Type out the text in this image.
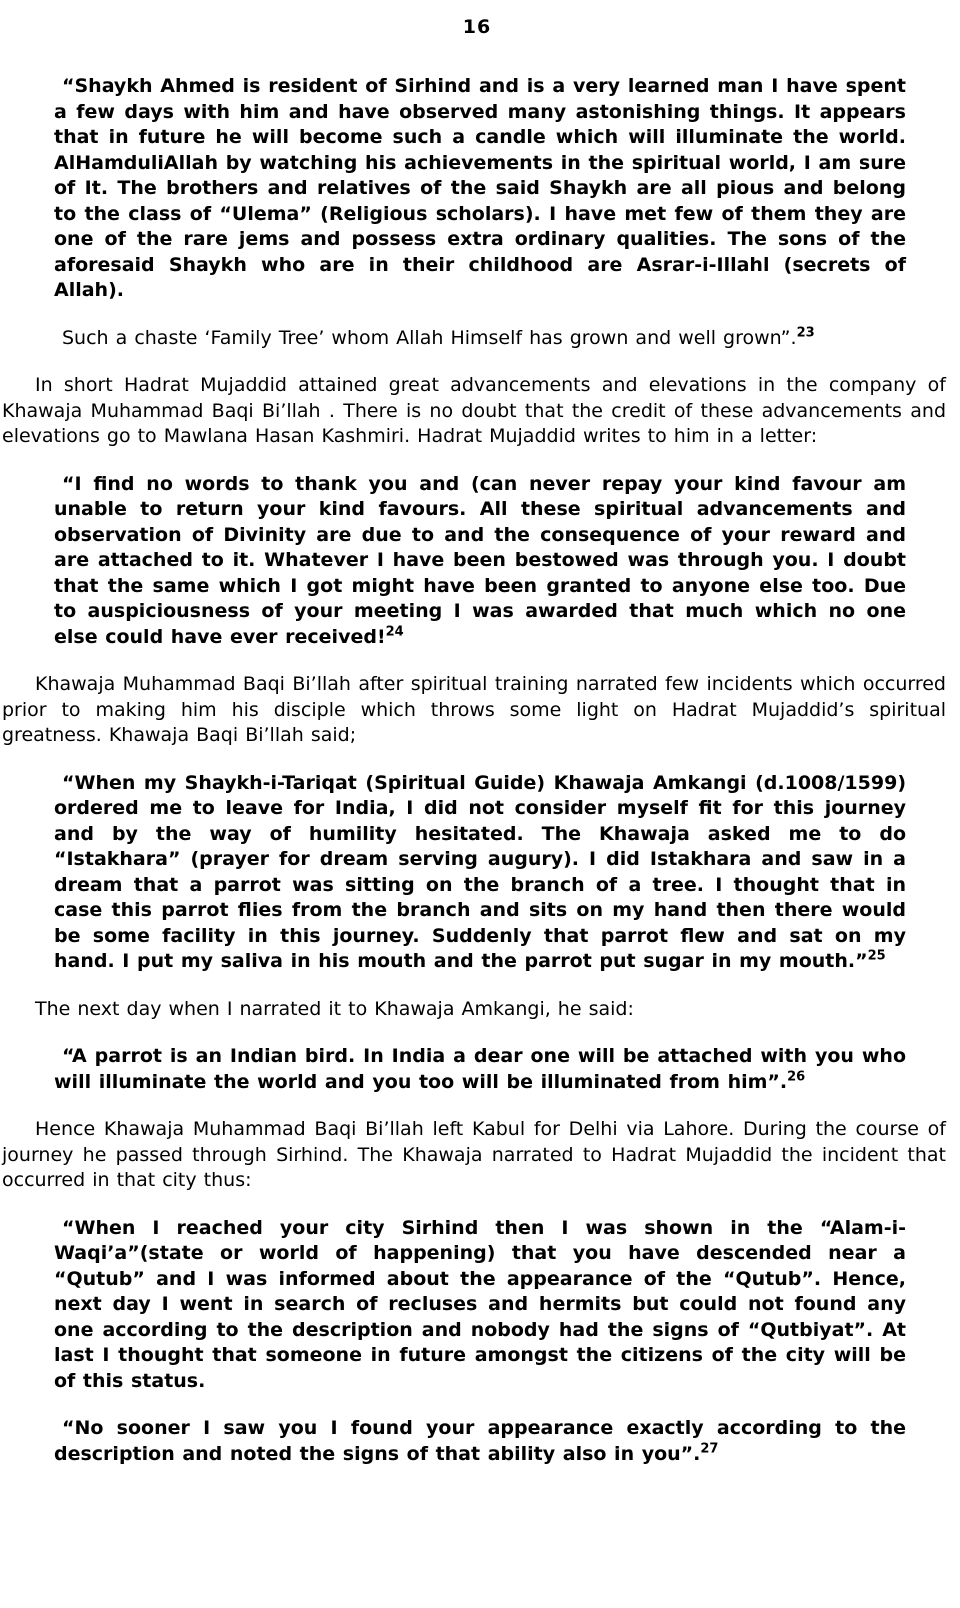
16

“Shaykh Ahmed is resident of Sirhind and is a very learned man I have spent a few days with him and have observed many astonishing things. It appears that in future he will become such a candle which will illuminate the world. AlHamduliAllah by watching his achievements in the spiritual world, I am sure of It. The brothers and relatives of the said Shaykh are all pious and belong to the class of “Ulema” (Religious scholars). I have met few of them they are one of the rare jems and possess extra ordinary qualities. The sons of the aforesaid Shaykh who are in their childhood are Asrar-i-Illahl (secrets of Allah).

Such a chaste ‘Family Tree’ whom Allah Himself has grown and well grown”.$^{23}$

In short Hadrat Mujaddid attained great advancements and elevations in the company of Khawaja Muhammad Baqi Bi’llah . There is no doubt that the credit of these advancements and elevations go to Mawlana Hasan Kashmiri. Hadrat Mujaddid writes to him in a letter:

“I find no words to thank you and (can never repay your kind favour am unable to return your kind favours. All these spiritual advancements and observation of Divinity are due to and the consequence of your reward and are attached to it. Whatever I have been bestowed was through you. I doubt that the same which I got might have been granted to anyone else too. Due to auspiciousness of your meeting I was awarded that much which no one else could have ever received!$^{24}$

Khawaja Muhammad Baqi Bi’llah after spiritual training narrated few incidents which occurred prior to making him his disciple which throws some light on Hadrat Mujaddid’s spiritual greatness. Khawaja Baqi Bi’llah said;

“When my Shaykh-i-Tariqat (Spiritual Guide) Khawaja Amkangi (d.1008/1599) ordered me to leave for India, I did not consider myself fit for this journey and by the way of humility hesitated. The Khawaja asked me to do “Istakhara” (prayer for dream serving augury). I did Istakhara and saw in a dream that a parrot was sitting on the branch of a tree. I thought that in case this parrot flies from the branch and sits on my hand then there would be some facility in this journey. Suddenly that parrot flew and sat on my hand. I put my saliva in his mouth and the parrot put sugar in my mouth.”$^{25}$

The next day when I narrated it to Khawaja Amkangi, he said:

“A parrot is an Indian bird. In India a dear one will be attached with you who will illuminate the world and you too will be illuminated from him”.$^{26}$

Hence Khawaja Muhammad Baqi Bi’llah left Kabul for Delhi via Lahore. During the course of journey he passed through Sirhind. The Khawaja narrated to Hadrat Mujaddid the incident that occurred in that city thus:

“When I reached your city Sirhind then I was shown in the “Alam-i-Waqi’a”(state or world of happening) that you have descended near a “Qutub” and I was informed about the appearance of the “Qutub”. Hence, next day I went in search of recluses and hermits but could not found any one according to the description and nobody had the signs of “Qutbiyat”. At last I thought that someone in future amongst the citizens of the city will be of this status.

“No sooner I saw you I found your appearance exactly according to the description and noted the signs of that ability also in you”.$^{27}$
